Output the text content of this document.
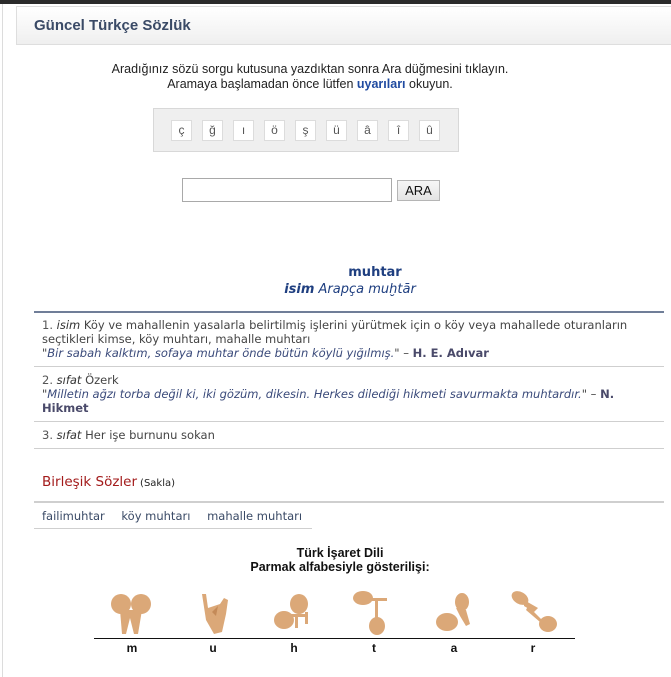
Güncel Türkçe Sözlük
Aradığınız sözü sorgu kutusuna yazdıktan sonra Ara düğmesini tıklayın.
Aramaya başlamadan önce lütfen uyarıları okuyun.
ç	ğ	ı	ö	ş	ü	â	î	û
ARA
muhtar
isim Arapça muḫtār
1. isim Köy ve mahallenin yasalarla belirtilmiş işlerini yürütmek için o köy veya mahallede oturanların seçtikleri kimse, köy muhtarı, mahalle muhtarı
"Bir sabah kalktım, sofaya muhtar önde bütün köylü yığılmış." – H. E. Adıvar
2. sıfat Özerk
"Milletin ağzı torba değil ki, iki gözüm, dikesin. Herkes dilediği hikmeti savurmakta muhtardır." – N. Hikmet
3. sıfat Her işe burnunu sokan
Birleşik Sözler (Sakla)
failimuhtar köy muhtarı mahalle muhtarı
Türk İşaret Dili
Parmak alfabesiyle gösterilişi:
m	u	h	t	a	r
